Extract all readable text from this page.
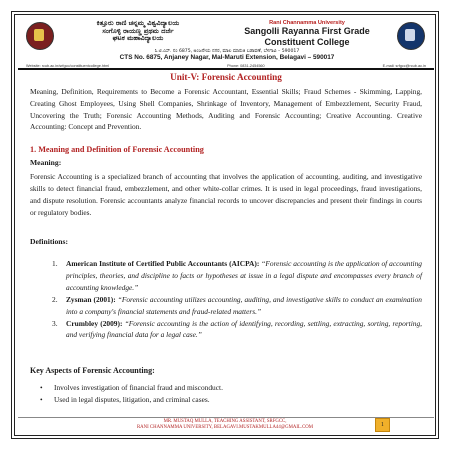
ಕಿತ್ತೂರು ರಾಣಿ ಚನ್ನಮ್ಮ ವಿಶ್ವವಿದ್ಯಾಲಯ
ಸಂಗೊಳ್ಳಿ ರಾಯಣ್ಣ ಪ್ರಥಮ ದರ್ಜೆ
ಘಟಕ ಮಹಾವಿದ್ಯಾಲಯ
Rani Channamma University
Sangolli Rayanna First Grade
Constituent College
ಸಿ.ಟಿ.ಎಸ್. ನಂ 6875, ಅಂಜನೇಯ ನಗರ, ಮಾಲ ಮಾರುತಿ ಬಡಾವಣೆ, ಬೆಳಗಾವಿ – 590017
CTS No. 6875, Anjaney Nagar, Mal-Maruti Extension, Belagavi – 590017
Website: rcub.ac.in/srfgcc/constituentcollege.html	Phone: 0831-2454560	E-mail: srfgcc@rcub.ac.in
Unit-V: Forensic Accounting
Meaning, Definition, Requirements to Become a Forensic Accountant, Essential Skills; Fraud Schemes - Skimming, Lapping, Creating Ghost Employees, Using Shell Companies, Shrinkage of Inventory, Management of Embezzlement, Security Fraud, Uncovering the Truth; Forensic Accounting Methods, Auditing and Forensic Accounting; Creative Accounting. Creative Accounting: Concept and Prevention.
1. Meaning and Definition of Forensic Accounting
Meaning:
Forensic Accounting is a specialized branch of accounting that involves the application of accounting, auditing, and investigative skills to detect financial fraud, embezzlement, and other white-collar crimes. It is used in legal proceedings, fraud investigations, and dispute resolution. Forensic accountants analyze financial records to uncover discrepancies and present their findings in courts or regulatory bodies.
Definitions:
1. American Institute of Certified Public Accountants (AICPA): “Forensic accounting is the application of accounting principles, theories, and discipline to facts or hypotheses at issue in a legal dispute and encompasses every branch of accounting knowledge.”
2. Zysman (2001): “Forensic accounting utilizes accounting, auditing, and investigative skills to conduct an examination into a company's financial statements and fraud-related matters.”
3. Crumbley (2009): “Forensic accounting is the action of identifying, recording, settling, extracting, sorting, reporting, and verifying financial data for a legal case.”
Key Aspects of Forensic Accounting:
• Involves investigation of financial fraud and misconduct.
• Used in legal disputes, litigation, and criminal cases.
MR. MUSTAQ MULLA, TEACHING ASSISTANT, SRFGCC,
RANI CHANNAMMA UNIVERSITY, BELAGAVI.MUSTAKMULLA44@GMAIL.COM	1
